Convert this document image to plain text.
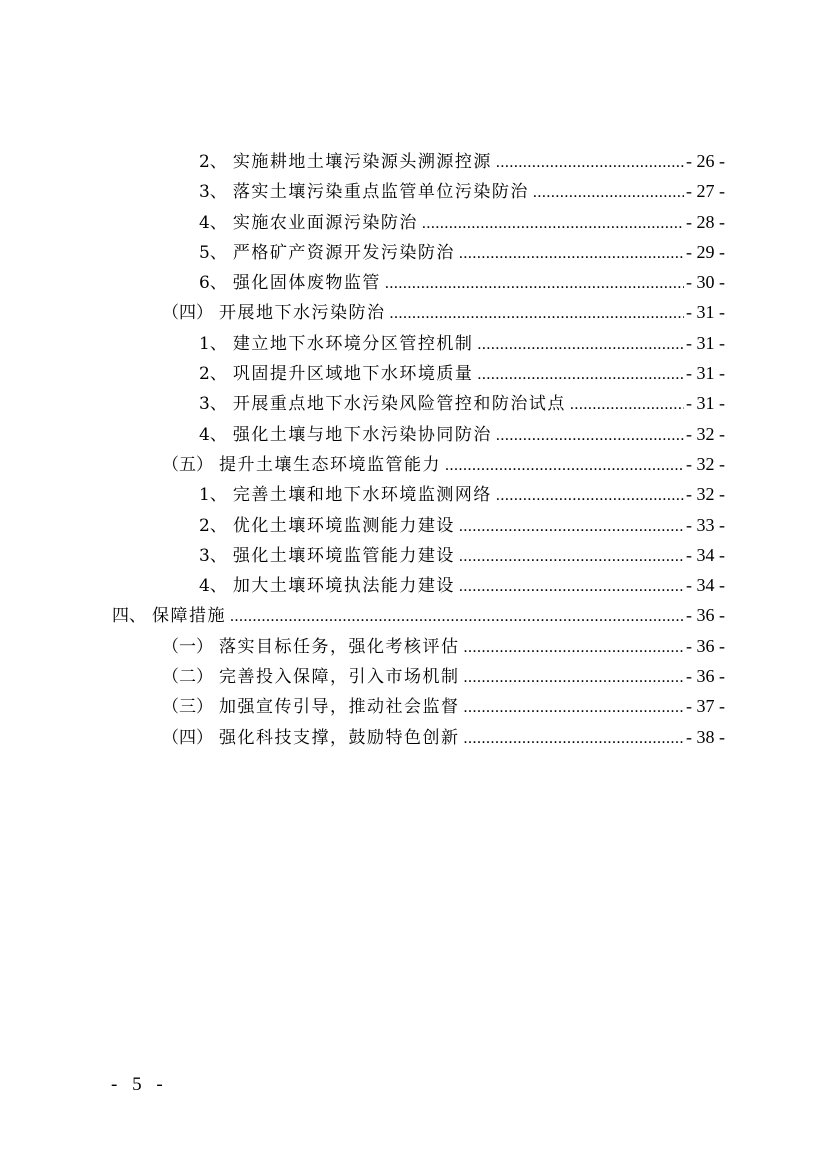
2、 实施耕地土壤污染源头溯源控源 .....	- 26 -
3、 落实土壤污染重点监管单位污染防治 .....	- 27 -
4、 实施农业面源污染防治 .....	- 28 -
5、 严格矿产资源开发污染防治 .....	- 29 -
6、 强化固体废物监管 .....	- 30 -
（四） 开展地下水污染防治 .....	- 31 -
1、 建立地下水环境分区管控机制 .....	- 31 -
2、 巩固提升区域地下水环境质量 .....	- 31 -
3、 开展重点地下水污染风险管控和防治试点 .....	- 31 -
4、 强化土壤与地下水污染协同防治 .....	- 32 -
（五） 提升土壤生态环境监管能力 .....	- 32 -
1、 完善土壤和地下水环境监测网络 .....	- 32 -
2、 优化土壤环境监测能力建设 .....	- 33 -
3、 强化土壤环境监管能力建设 .....	- 34 -
4、 加大土壤环境执法能力建设 .....	- 34 -
四、 保障措施 .....	- 36 -
（一） 落实目标任务，强化考核评估 .....	- 36 -
（二） 完善投入保障，引入市场机制 .....	- 36 -
（三） 加强宣传引导，推动社会监督 .....	- 37 -
（四） 强化科技支撑，鼓励特色创新 .....	- 38 -
- 5 -
